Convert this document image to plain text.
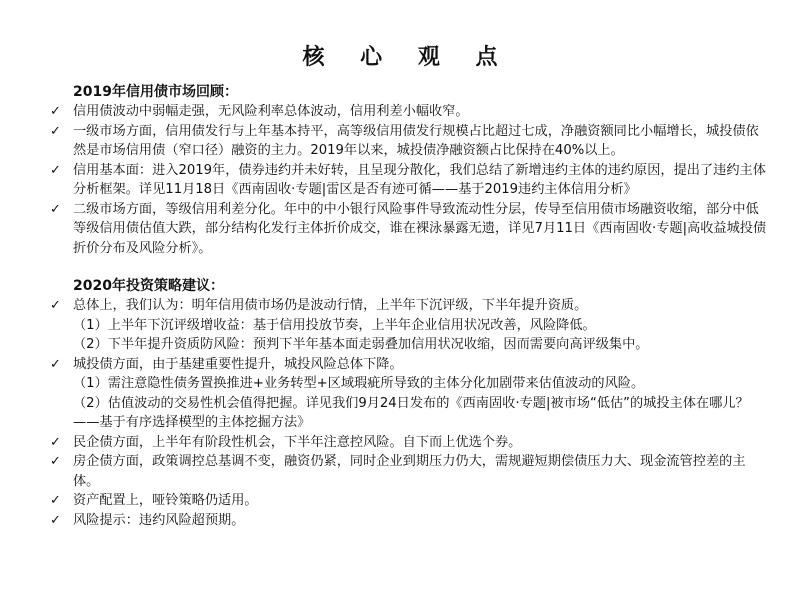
核 心 观 点
2019年信用债市场回顾：
✓ 信用债波动中弱幅走强，无风险利率总体波动，信用利差小幅收窄。
✓ 一级市场方面，信用债发行与上年基本持平，高等级信用债发行规模占比超过七成，净融资额同比小幅增长，城投债依然是市场信用债（窄口径）融资的主力。2019年以来，城投债净融资额占比保持在40%以上。
✓ 信用基本面：进入2019年，债券违约并未好转，且呈现分散化，我们总结了新增违约主体的违约原因，提出了违约主体分析框架。详见11月18日《西南固收·专题|雷区是否有迹可循——基于2019违约主体信用分析》
✓ 二级市场方面，等级信用利差分化。年中的中小银行风险事件导致流动性分层，传导至信用债市场融资收缩，部分中低等级信用债估值大跌，部分结构化发行主体折价成交，谁在裸泳暴露无遗，详见7月11日《西南固收·专题|高收益城投债折价分布及风险分析》。
2020年投资策略建议：
✓ 总体上，我们认为：明年信用债市场仍是波动行情，上半年下沉评级，下半年提升资质。
（1）上半年下沉评级增收益：基于信用投放节奏，上半年企业信用状况改善，风险降低。
（2）下半年提升资质防风险：预判下半年基本面走弱叠加信用状况收缩，因而需要向高评级集中。
✓ 城投债方面，由于基建重要性提升，城投风险总体下降。
（1）需注意隐性债务置换推进+业务转型+区域瑕疵所导致的主体分化加剧带来估值波动的风险。
（2）估值波动的交易性机会值得把握。详见我们9月24日发布的《西南固收·专题|被市场“低估”的城投主体在哪儿？——基于有序选择模型的主体挖掘方法》
✓ 民企债方面，上半年有阶段性机会，下半年注意控风险。自下而上优选个券。
✓ 房企债方面，政策调控总基调不变，融资仍紧，同时企业到期压力仍大，需规避短期偿债压力大、现金流管控差的主体。
✓ 资产配置上，哑铃策略仍适用。
✓ 风险提示：违约风险超预期。
